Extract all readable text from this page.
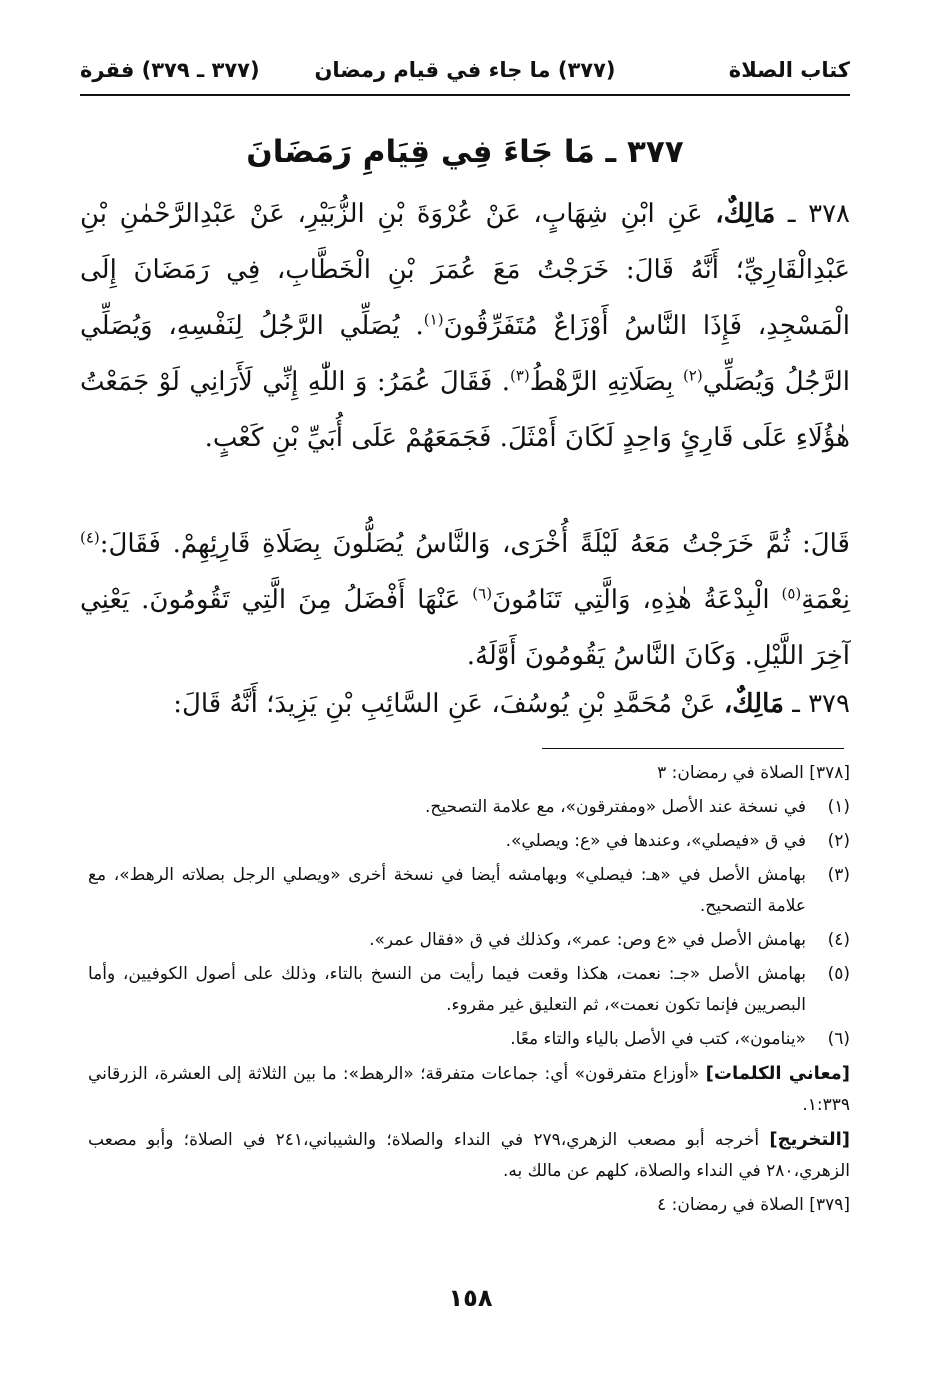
كتاب الصلاة
(٣٧٧) ما جاء في قيام رمضان
(٣٧٧ ـ ٣٧٩) فقرة
٣٧٧ ـ مَا جَاءَ فِي قِيَامِ رَمَضَانَ

٣٧٨ ـ مَالِكٌ، عَنِ ابْنِ شِهَابٍ، عَنْ عُرْوَةَ بْنِ الزُّبَيْرِ، عَنْ عَبْدِالرَّحْمٰنِ بْنِ عَبْدِالْقَارِيِّ؛ أَنَّهُ قَالَ: خَرَجْتُ مَعَ عُمَرَ بْنِ الْخَطَّابِ، فِي رَمَضَانَ إِلَى الْمَسْجِدِ، فَإِذَا النَّاسُ أَوْزَاعٌ مُتَفَرِّقُونَ$^{(١)}$. يُصَلِّي الرَّجُلُ لِنَفْسِهِ، وَيُصَلِّي الرَّجُلُ وَيُصَلِّي$^{(٢)}$ بِصَلَاتِهِ الرَّهْطُ$^{(٣)}$. فَقَالَ عُمَرُ: وَ اللّٰهِ إِنِّي لَأَرَانِي لَوْ جَمَعْتُ هٰؤُلَاءِ عَلَى قَارِئٍ وَاحِدٍ لَكَانَ أَمْثَلَ. فَجَمَعَهُمْ عَلَى أُبَيِّ بْنِ كَعْبٍ.

قَالَ: ثُمَّ خَرَجْتُ مَعَهُ لَيْلَةً أُخْرَى، وَالنَّاسُ يُصَلُّونَ بِصَلَاةِ قَارِئِهِمْ. فَقَالَ:$^{(٤)}$ نِعْمَةِ$^{(٥)}$ الْبِدْعَةُ هٰذِهِ، وَالَّتِي تَنَامُونَ$^{(٦)}$ عَنْهَا أَفْضَلُ مِنَ الَّتِي تَقُومُونَ. يَعْنِي آخِرَ اللَّيْلِ. وَكَانَ النَّاسُ يَقُومُونَ أَوَّلَهُ.

٣٧٩ ـ مَالِكٌ، عَنْ مُحَمَّدِ بْنِ يُوسُفَ، عَنِ السَّائِبِ بْنِ يَزِيدَ؛ أَنَّهُ قَالَ:

[٣٧٨] الصلاة في رمضان: ٣
(١)
في نسخة عند الأصل «ومفترقون»، مع علامة التصحيح.
(٢)
في ق «فيصلي»، وعندها في «ع: ويصلي».
(٣)
بهامش الأصل في «هـ: فيصلي» وبهامشه أيضا في نسخة أخرى «ويصلي الرجل بصلاته الرهط»، مع علامة التصحيح.
(٤)
بهامش الأصل في «ع وص: عمر»، وكذلك في ق «فقال عمر».
(٥)
بهامش الأصل «جـ: نعمت، هكذا وقعت فيما رأيت من النسخ بالتاء، وذلك على أصول الكوفيين، وأما البصريين فإنما تكون نعمت»، ثم التعليق غير مقروء.
(٦)
«ينامون»، كتب في الأصل بالياء والتاء معًا.
[معاني الكلمات] «أوزاع متفرقون» أي: جماعات متفرقة؛ «الرهط»: ما بين الثلاثة إلى العشرة، الزرقاني ١:٣٣٩.
[التخريج] أخرجه أبو مصعب الزهري،٢٧٩ في النداء والصلاة؛ والشيباني،٢٤١ في الصلاة؛ وأبو مصعب الزهري،٢٨٠ في النداء والصلاة، كلهم عن مالك به.
[٣٧٩] الصلاة في رمضان: ٤
١٥٨
